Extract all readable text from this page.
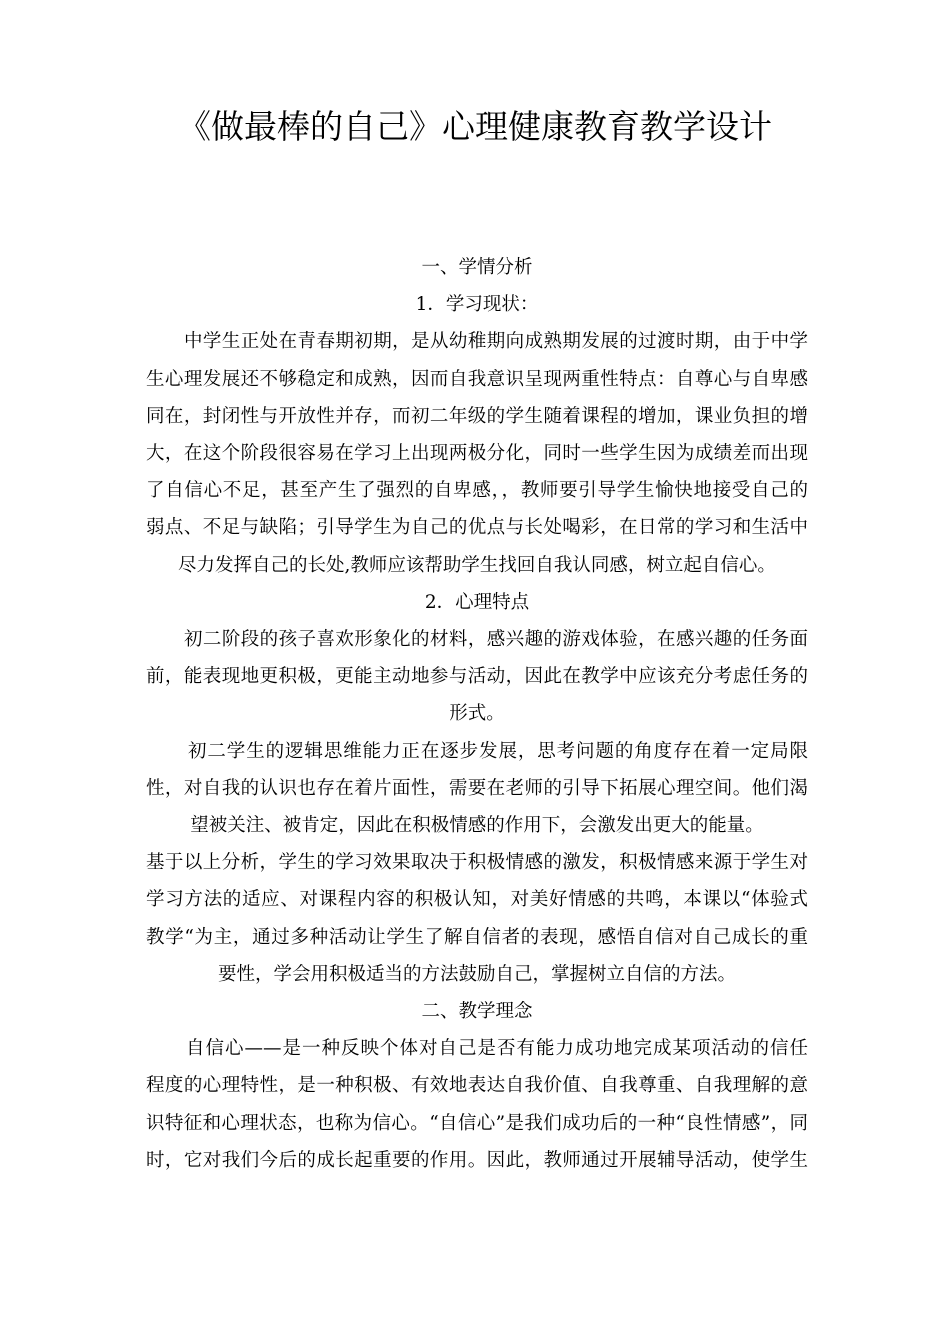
《做最棒的自己》心理健康教育教学设计
一、学情分析
1．学习现状：
中学生正处在青春期初期，是从幼稚期向成熟期发展的过渡时期，由于中学
生心理发展还不够稳定和成熟，因而自我意识呈现两重性特点：自尊心与自卑感
同在，封闭性与开放性并存，而初二年级的学生随着课程的增加，课业负担的增
大，在这个阶段很容易在学习上出现两极分化，同时一些学生因为成绩差而出现
了自信心不足，甚至产生了强烈的自卑感，，教师要引导学生愉快地接受自己的
弱点、不足与缺陷；引导学生为自己的优点与长处喝彩，在日常的学习和生活中
尽力发挥自己的长处,教师应该帮助学生找回自我认同感，树立起自信心。
2．心理特点
初二阶段的孩子喜欢形象化的材料，感兴趣的游戏体验，在感兴趣的任务面
前，能表现地更积极，更能主动地参与活动，因此在教学中应该充分考虑任务的
形式。
初二学生的逻辑思维能力正在逐步发展，思考问题的角度存在着一定局限
性，对自我的认识也存在着片面性，需要在老师的引导下拓展心理空间。他们渴
望被关注、被肯定，因此在积极情感的作用下，会激发出更大的能量。
基于以上分析，学生的学习效果取决于积极情感的激发，积极情感来源于学生对
学习方法的适应、对课程内容的积极认知，对美好情感的共鸣，本课以“体验式
教学“为主，通过多种活动让学生了解自信者的表现，感悟自信对自己成长的重
要性，学会用积极适当的方法鼓励自己，掌握树立自信的方法。
二、教学理念
自信心——是一种反映个体对自己是否有能力成功地完成某项活动的信任
程度的心理特性，是一种积极、有效地表达自我价值、自我尊重、自我理解的意
识特征和心理状态，也称为信心。“自信心”是我们成功后的一种“良性情感”，同
时，它对我们今后的成长起重要的作用。因此，教师通过开展辅导活动，使学生
